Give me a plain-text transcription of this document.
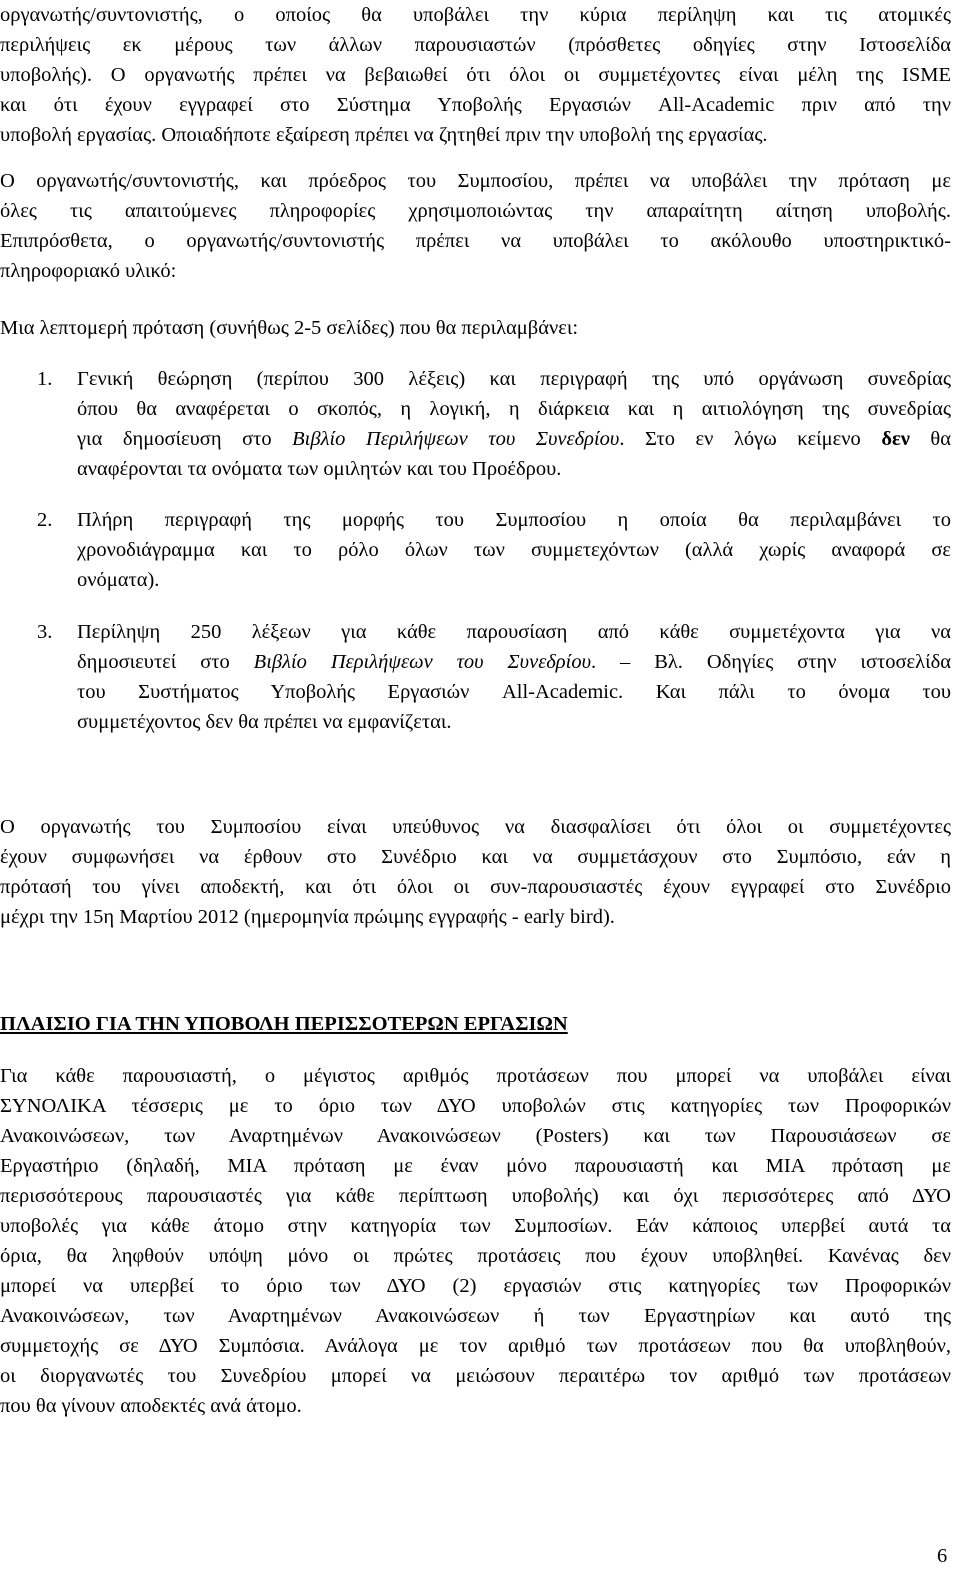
οργανωτής/συντονιστής, ο οποίος θα υποβάλει την κύρια περίληψη και τις ατομικές
περιλήψεις εκ μέρους των άλλων παρουσιαστών (πρόσθετες οδηγίες στην Ιστοσελίδα
υποβολής). Ο οργανωτής πρέπει να βεβαιωθεί ότι όλοι οι συμμετέχοντες είναι μέλη της ISME
και ότι έχουν εγγραφεί στο Σύστημα Υποβολής Εργασιών All-Academic πριν από την
υποβολή εργασίας. Οποιαδήποτε εξαίρεση πρέπει να ζητηθεί πριν την υποβολή της εργασίας.
Ο οργανωτής/συντονιστής, και πρόεδρος του Συμποσίου, πρέπει να υποβάλει την πρόταση με
όλες τις απαιτούμενες πληροφορίες χρησιμοποιώντας την απαραίτητη αίτηση υποβολής.
Επιπρόσθετα, ο οργανωτής/συντονιστής πρέπει να υποβάλει το ακόλουθο υποστηρικτικό-
πληροφοριακό υλικό:
Μια λεπτομερή πρόταση (συνήθως 2-5 σελίδες) που θα περιλαμβάνει:
1. Γενική θεώρηση (περίπου 300 λέξεις) και περιγραφή της υπό οργάνωση συνεδρίας
όπου θα αναφέρεται ο σκοπός, η λογική, η διάρκεια και η αιτιολόγηση της συνεδρίας
για δημοσίευση στο Βιβλίο Περιλήψεων του Συνεδρίου. Στο εν λόγω κείμενο δεν θα
αναφέρονται τα ονόματα των ομιλητών και του Προέδρου.
2. Πλήρη περιγραφή της μορφής του Συμποσίου η οποία θα περιλαμβάνει το
χρονοδιάγραμμα και το ρόλο όλων των συμμετεχόντων (αλλά χωρίς αναφορά σε
ονόματα).
3. Περίληψη 250 λέξεων για κάθε παρουσίαση από κάθε συμμετέχοντα για να
δημοσιευτεί στο Βιβλίο Περιλήψεων του Συνεδρίου. – Βλ. Οδηγίες στην ιστοσελίδα
του Συστήματος Υποβολής Εργασιών All-Academic. Και πάλι το όνομα του
συμμετέχοντος δεν θα πρέπει να εμφανίζεται.
Ο οργανωτής του Συμποσίου είναι υπεύθυνος να διασφαλίσει ότι όλοι οι συμμετέχοντες
έχουν συμφωνήσει να έρθουν στο Συνέδριο και να συμμετάσχουν στο Συμπόσιο, εάν η
πρότασή του γίνει αποδεκτή, και ότι όλοι οι συν-παρουσιαστές έχουν εγγραφεί στο Συνέδριο
μέχρι την 15η Μαρτίου 2012 (ημερομηνία πρώιμης εγγραφής - early bird).
ΠΛΑΙΣΙΟ ΓΙΑ ΤΗΝ ΥΠΟΒΟΛΗ ΠΕΡΙΣΣΟΤΕΡΩΝ ΕΡΓΑΣΙΩΝ
Για κάθε παρουσιαστή, ο μέγιστος αριθμός προτάσεων που μπορεί να υποβάλει είναι
ΣΥΝΟΛΙΚΑ τέσσερις με το όριο των ΔΥΟ υποβολών στις κατηγορίες των Προφορικών
Ανακοινώσεων, των Αναρτημένων Ανακοινώσεων (Posters) και των Παρουσιάσεων σε
Εργαστήριο (δηλαδή, ΜΙΑ πρόταση με έναν μόνο παρουσιαστή και ΜΙΑ πρόταση με
περισσότερους παρουσιαστές για κάθε περίπτωση υποβολής) και όχι περισσότερες από ΔΥΟ
υποβολές για κάθε άτομο στην κατηγορία των Συμποσίων. Εάν κάποιος υπερβεί αυτά τα
όρια, θα ληφθούν υπόψη μόνο οι πρώτες προτάσεις που έχουν υποβληθεί. Κανένας δεν
μπορεί να υπερβεί το όριο των ΔΥΟ (2) εργασιών στις κατηγορίες των Προφορικών
Ανακοινώσεων, των Αναρτημένων Ανακοινώσεων ή των Εργαστηρίων και αυτό της
συμμετοχής σε ΔΥΟ Συμπόσια. Ανάλογα με τον αριθμό των προτάσεων που θα υποβληθούν,
οι διοργανωτές του Συνεδρίου μπορεί να μειώσουν περαιτέρω τον αριθμό των προτάσεων
που θα γίνουν αποδεκτές ανά άτομο.
6
